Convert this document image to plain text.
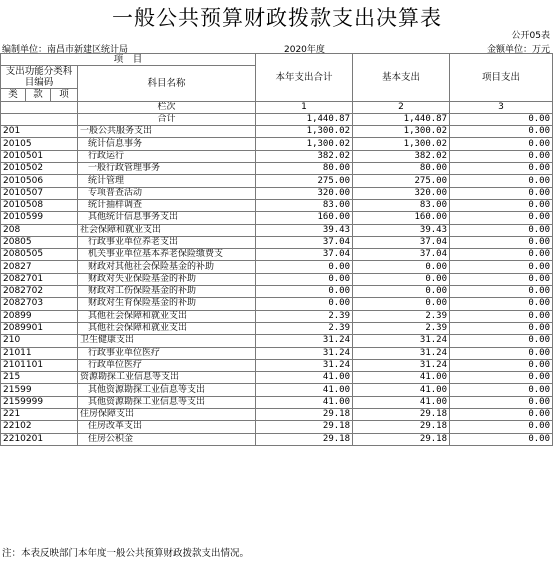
一般公共预算财政拨款支出决算表
公开05表
编制单位：南昌市新建区统计局	2020年度	金额单位：万元
项　目				本年支出合计	基本支出	项目支出
支出功能分类科目编码			科目名称			

类	款	项				
			栏次	1	2	3
			合计	1,440.87	1,440.87	0.00
201			一般公共服务支出	1,300.02	1,300.02	0.00
20105			统计信息事务	1,300.02	1,300.02	0.00
2010501			行政运行	382.02	382.02	0.00
2010502			一般行政管理事务	80.00	80.00	0.00
2010506			统计管理	275.00	275.00	0.00
2010507			专项普查活动	320.00	320.00	0.00
2010508			统计抽样调查	83.00	83.00	0.00
2010599			其他统计信息事务支出	160.00	160.00	0.00
208			社会保障和就业支出	39.43	39.43	0.00
20805			行政事业单位养老支出	37.04	37.04	0.00
2080505			机关事业单位基本养老保险缴费支	37.04	37.04	0.00
20827			财政对其他社会保险基金的补助	0.00	0.00	0.00
2082701			财政对失业保险基金的补助	0.00	0.00	0.00
2082702			财政对工伤保险基金的补助	0.00	0.00	0.00
2082703			财政对生育保险基金的补助	0.00	0.00	0.00
20899			其他社会保障和就业支出	2.39	2.39	0.00
2089901			其他社会保障和就业支出	2.39	2.39	0.00
210			卫生健康支出	31.24	31.24	0.00
21011			行政事业单位医疗	31.24	31.24	0.00
2101101			行政单位医疗	31.24	31.24	0.00
215			资源勘探工业信息等支出	41.00	41.00	0.00
21599			其他资源勘探工业信息等支出	41.00	41.00	0.00
2159999			其他资源勘探工业信息等支出	41.00	41.00	0.00
221			住房保障支出	29.18	29.18	0.00
22102			住房改革支出	29.18	29.18	0.00
2210201			住房公积金	29.18	29.18	0.00
注：本表反映部门本年度一般公共预算财政拨款支出情况。
